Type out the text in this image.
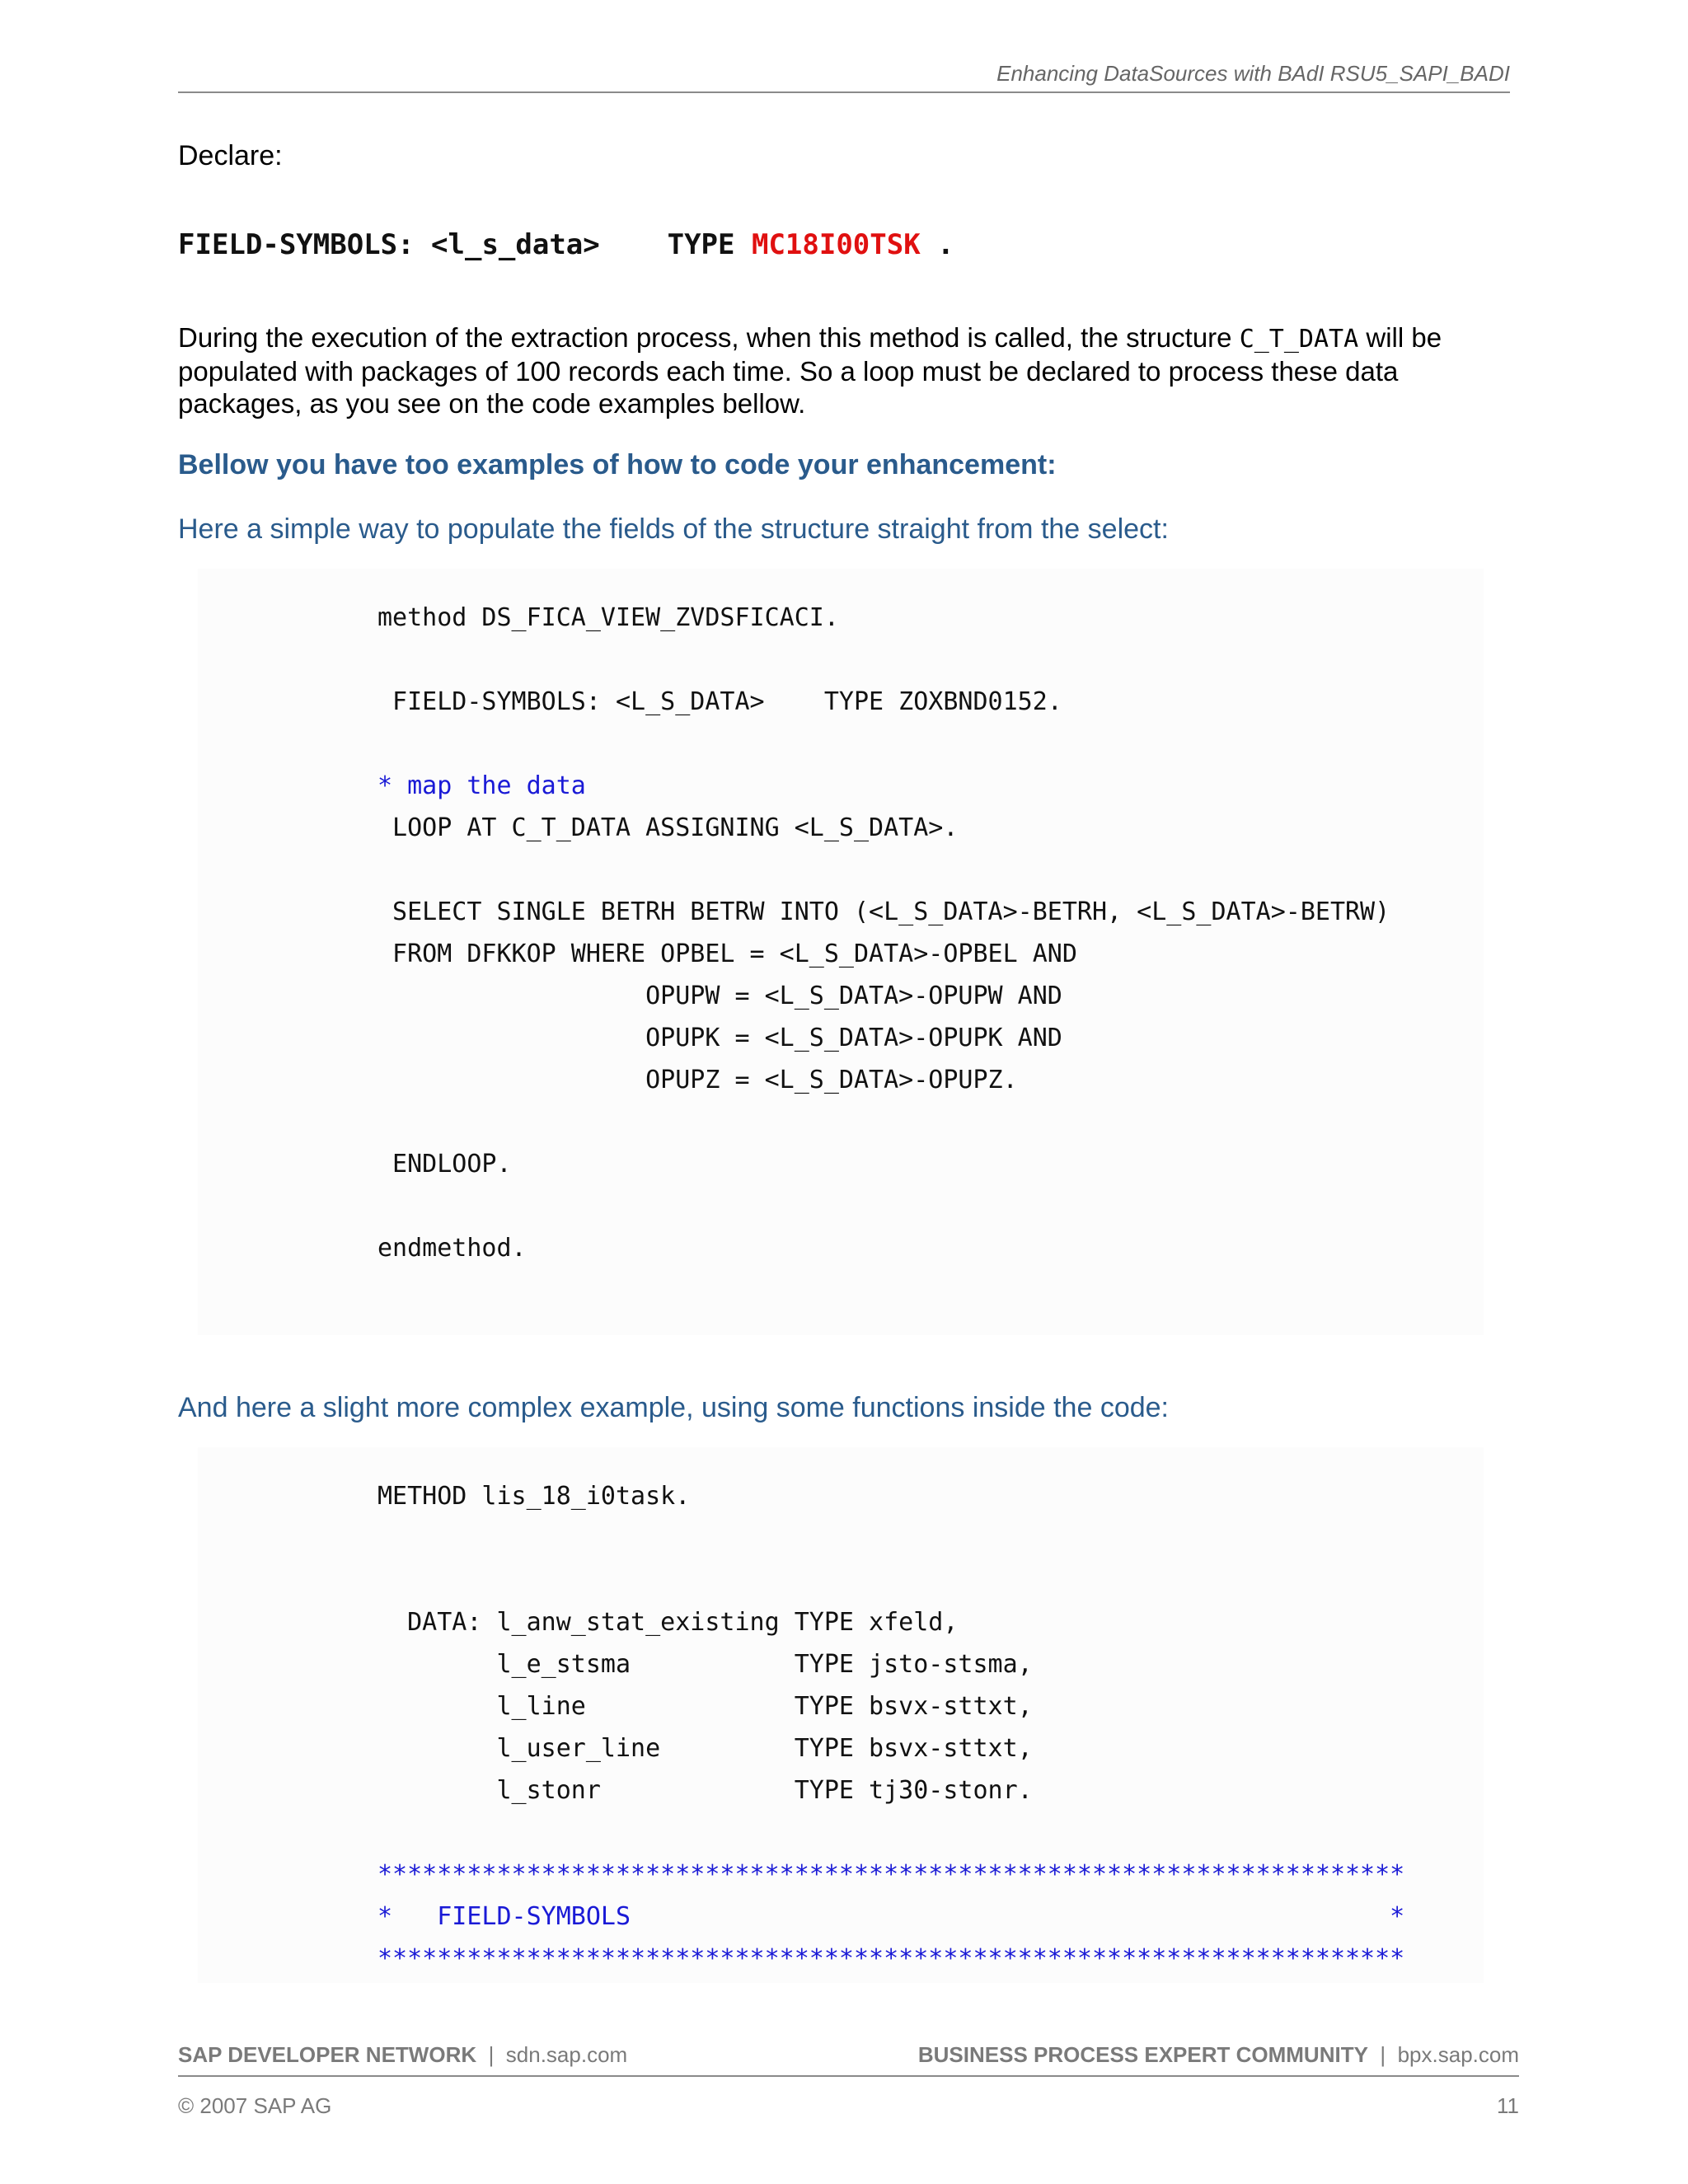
Enhancing DataSources with BAdI RSU5_SAPI_BADI
Declare:
FIELD-SYMBOLS: <l_s_data>    TYPE MC18I00TSK .
During the execution of the extraction process, when this method is called, the structure C_T_DATA will be populated with packages of 100 records each time. So a loop must be declared to process these data packages, as you see on the code examples bellow.
Bellow you have too examples of how to code your enhancement:
Here a simple way to populate the fields of the structure straight from the select:
method DS_FICA_VIEW_ZVDSFICACI.
FIELD-SYMBOLS: <L_S_DATA>    TYPE ZOXBND0152.
* map the data
LOOP AT C_T_DATA ASSIGNING <L_S_DATA>.
SELECT SINGLE BETRH BETRW INTO (<L_S_DATA>-BETRH, <L_S_DATA>-BETRW)
FROM DFKKOP WHERE OPBEL = <L_S_DATA>-OPBEL AND
OPUPW = <L_S_DATA>-OPUPW AND
OPUPK = <L_S_DATA>-OPUPK AND
OPUPZ = <L_S_DATA>-OPUPZ.
ENDLOOP.
endmethod.
And here a slight more complex example, using some functions inside the code:
METHOD lis_18_i0task.
DATA: l_anw_stat_existing TYPE xfeld,
l_e_stsma           TYPE jsto-stsma,
l_line              TYPE bsvx-sttxt,
l_user_line         TYPE bsvx-sttxt,
l_stonr             TYPE tj30-stonr.
*********************************************************************
*   FIELD-SYMBOLS                                                   *
*********************************************************************
SAP DEVELOPER NETWORK  |  sdn.sap.com	BUSINESS PROCESS EXPERT COMMUNITY  |  bpx.sap.com
© 2007 SAP AG	11
